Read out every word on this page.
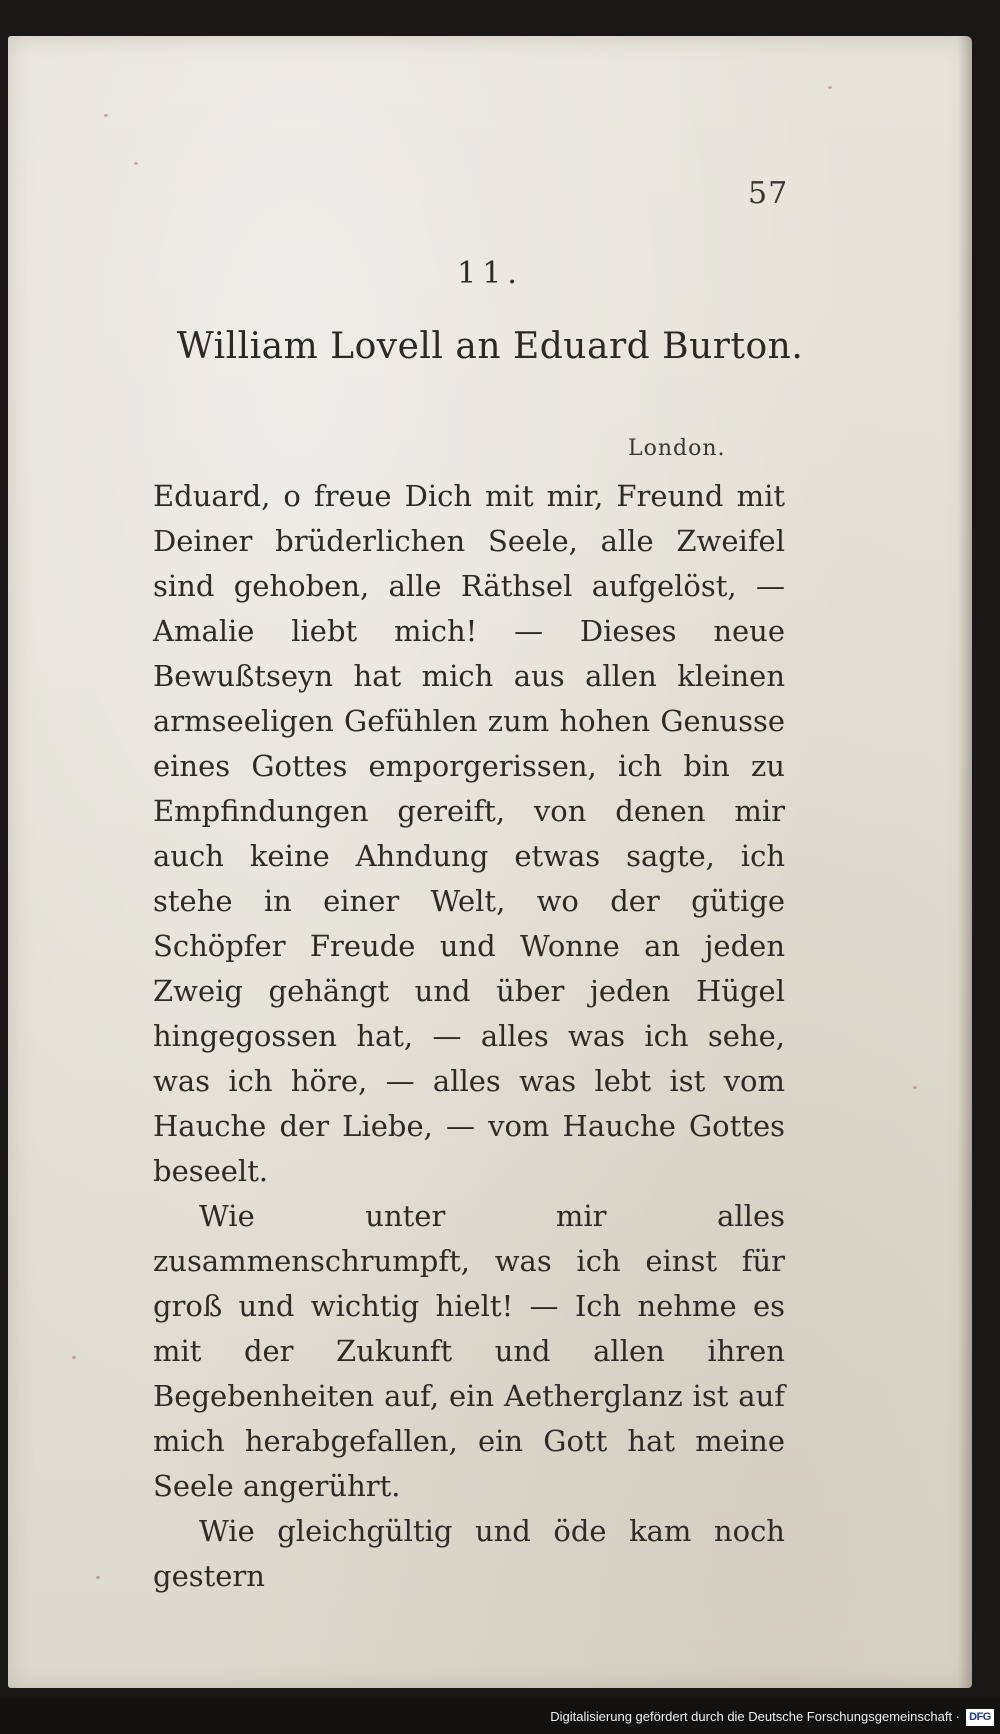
57
11.
William Lovell an Eduard Burton.
London.

Eduard, o freue Dich mit mir, Freund mit Deiner brüderlichen Seele, alle Zweifel sind gehoben, alle Räthsel aufgelöst, — Amalie liebt mich! — Dieses neue Bewußtseyn hat mich aus allen kleinen armseeligen Gefühlen zum hohen Genusse eines Gottes emporgerissen, ich bin zu Empfindungen gereift, von denen mir auch keine Ahndung etwas sagte, ich stehe in einer Welt, wo der gütige Schöpfer Freude und Wonne an jeden Zweig gehängt und über jeden Hügel hingegossen hat, — alles was ich sehe, was ich höre, — alles was lebt ist vom Hauche der Liebe, — vom Hauche Gottes beseelt.

Wie unter mir alles zusammenschrumpft, was ich einst für groß und wichtig hielt! — Ich nehme es mit der Zukunft und allen ihren Begebenheiten auf, ein Aetherglanz ist auf mich herabgefallen, ein Gott hat meine Seele angerührt.

Wie gleichgültig und öde kam noch gestern

Digitalisierung gefördert durch die Deutsche Forschungsgemeinschaft · DFG
